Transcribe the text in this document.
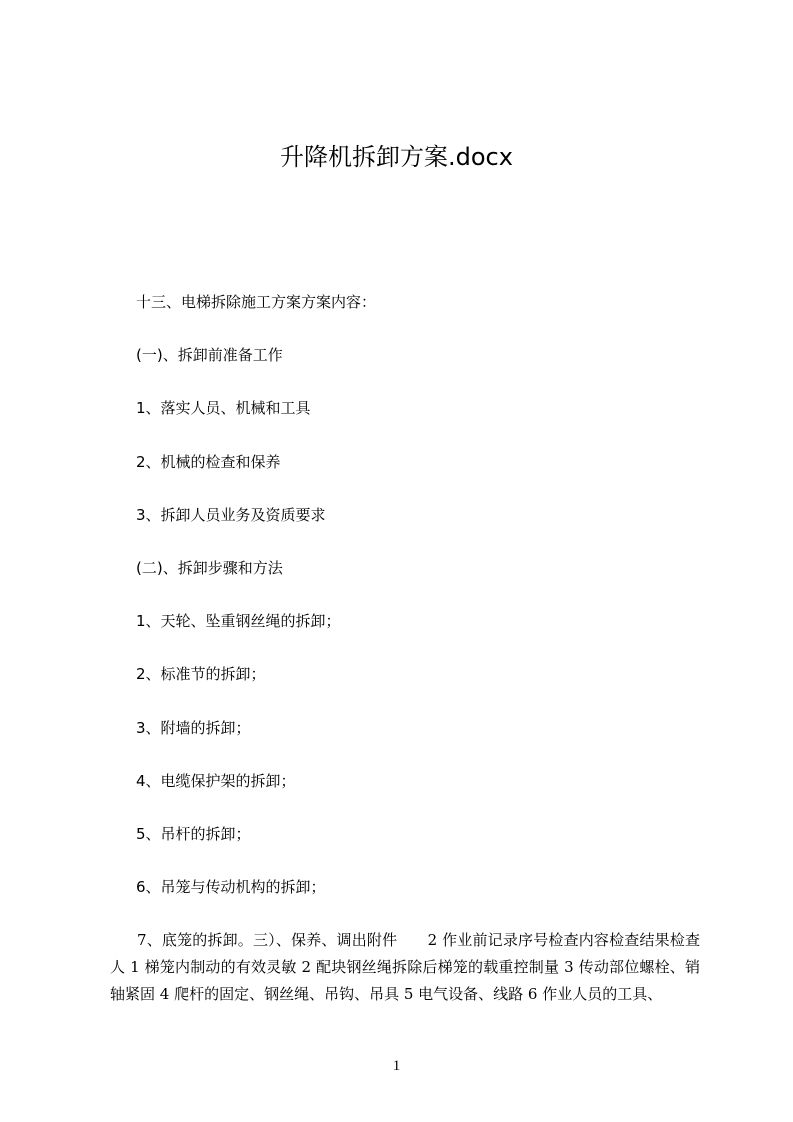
升降机拆卸方案.docx
十三、电梯拆除施工方案方案内容：
(一)、拆卸前准备工作
1、落实人员、机械和工具
2、机械的检查和保养
3、拆卸人员业务及资质要求
(二)、拆卸步骤和方法
1、天轮、坠重钢丝绳的拆卸；
2、标准节的拆卸；
3、附墙的拆卸；
4、电缆保护架的拆卸；
5、吊杆的拆卸；
6、吊笼与传动机构的拆卸；
7、底笼的拆卸。三）、保养、调出附件　　2 作业前记录序号检查内容检查结果检查人 1 梯笼内制动的有效灵敏 2 配块钢丝绳拆除后梯笼的载重控制量 3 传动部位螺栓、销轴紧固 4 爬杆的固定、钢丝绳、吊钩、吊具 5 电气设备、线路 6 作业人员的工具、
1
